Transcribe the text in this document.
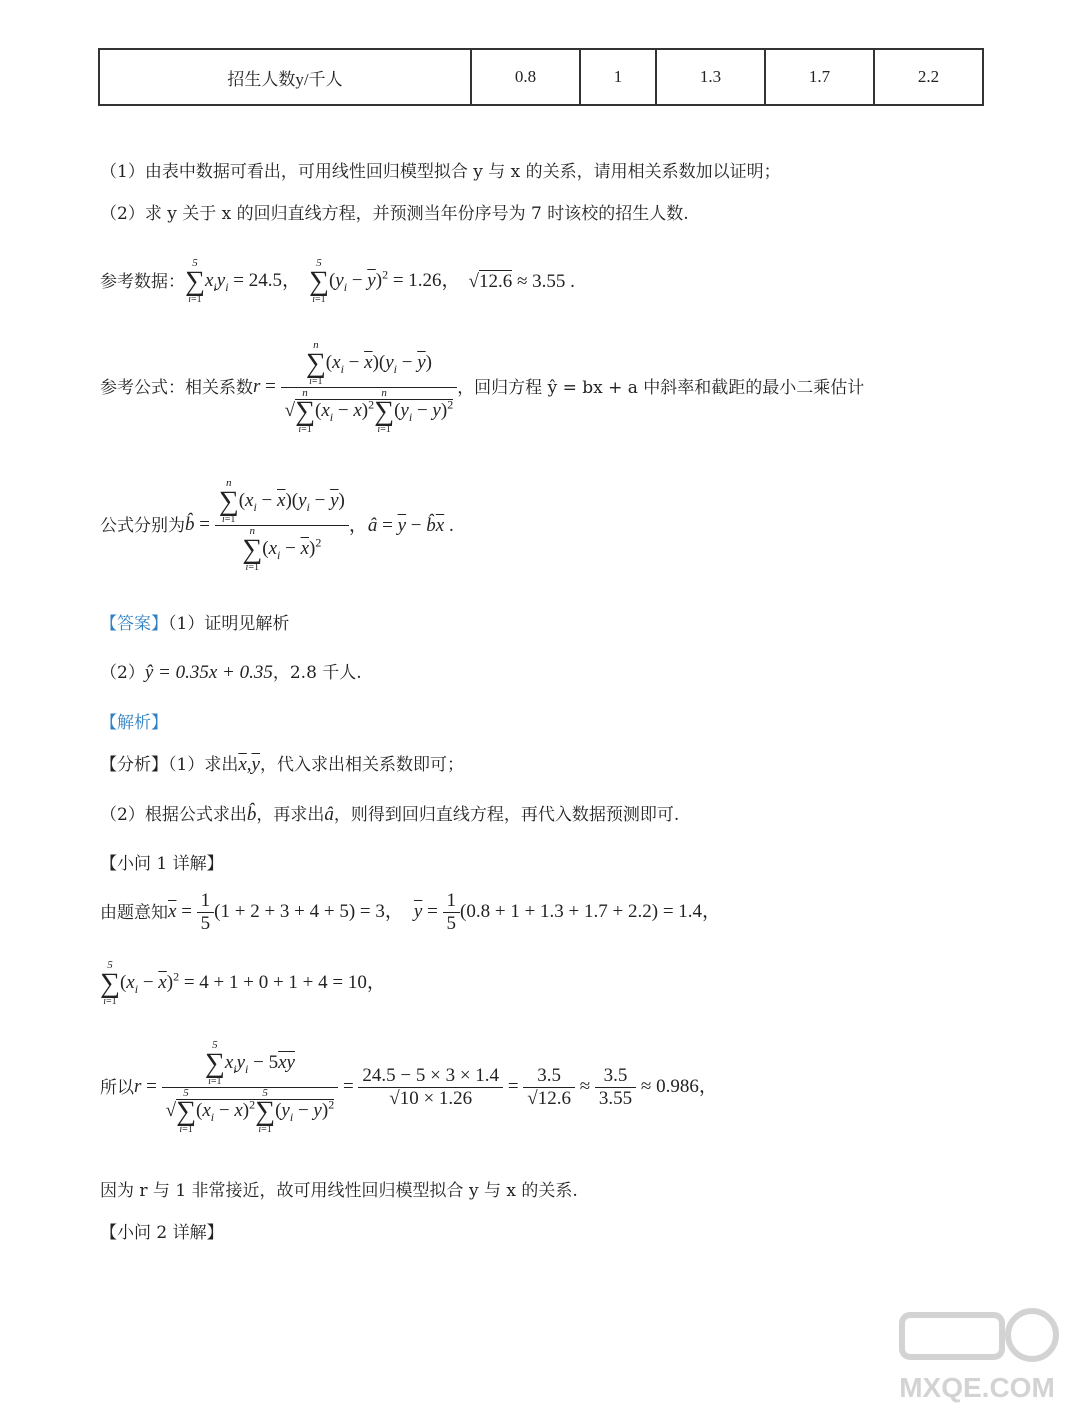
招生人数y/千人	0.8	1	1.3	1.7	2.2
（1）由表中数据可看出，可用线性回归模型拟合 y 与 x 的关系，请用相关系数加以证明；
（2）求 y 关于 x 的回归直线方程，并预测当年份序号为 7 时该校的招生人数.
参考数据：
5
∑
i=1
$x_iy_i = 24.5$，
5
∑
i=1
$(y_i - \overline{y})^2 = 1.26$， √12.6 ≈ 3.55 .
参考公式：相关系数 r = n
∑
i=1
$(x_i - \overline{x})(y_i - \overline{y})$
√
n
∑
i=1
$(x_i - \overline{x})^2$
n
∑
i=1
$(y_i - \overline{y})^2$ ，回归方程 ŷ = bx + a 中斜率和截距的最小二乘估计
公式分别为 b̂ = n
∑
i=1
$(x_i - \overline{x})(y_i - \overline{y})$
n
∑
i=1
$(x_i - \overline{x})^2$ ，â = $\overline{y}$ − $b̂\overline{x}$ .
【答案】（1）证明见解析
（2）ŷ = 0.35x + 0.35，2.8 千人.
【解析】
【分析】（1）求出$\overline{x},\overline{y}$，代入求出相关系数即可；
（2）根据公式求出b̂，再求出â，则得到回归直线方程，再代入数据预测即可.
【小问 1 详解】
由题意知 $\overline{x} = \frac{1}{5} (1 + 2 + 3 + 4 + 5) = 3$， $\overline{y} = \frac{1}{5} (0.8 + 1 + 1.3 + 1.7 + 2.2) = 1.4$，
5
∑
i=1
$(x_i - \overline{x})^2 = 4 + 1 + 0 + 1 + 4 = 10$，
所以 r = 5
∑
i=1
$x_iy_i - 5\overline{xy}$
√
5
∑
i=1
$(x_i - \overline{x})^2$
5
∑
i=1
$(y_i - \overline{y})^2 = \frac{24.5 - 5 \times 3 \times 1.4}{√10 \times 1.26} = \frac{3.5}{√12.6} \approx \frac{3.5}{3.55} \approx 0.986$，
因为 r 与 1 非常接近，故可用线性回归模型拟合 y 与 x 的关系.
【小问 2 详解】
MXQE.COM
